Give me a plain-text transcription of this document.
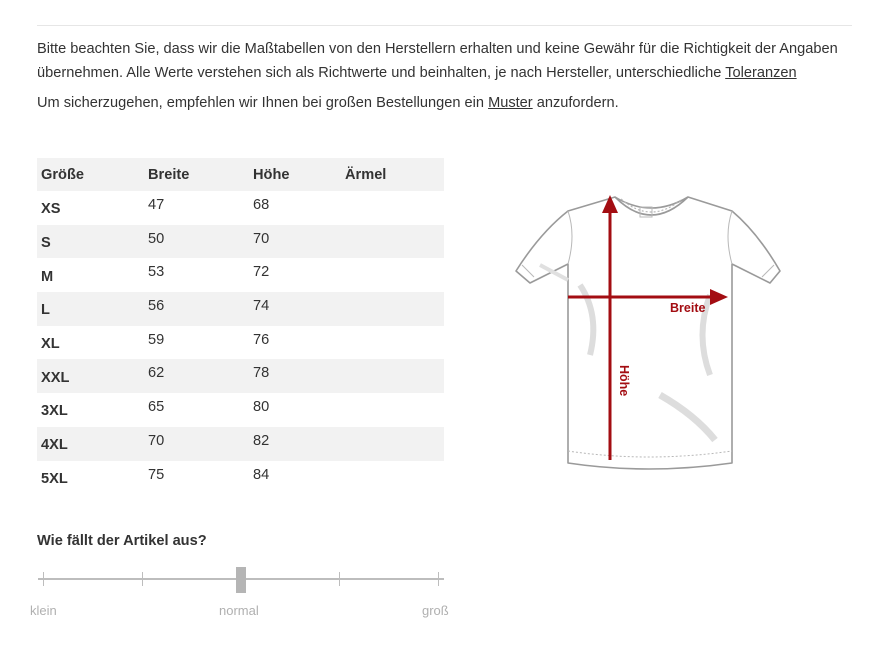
Bitte beachten Sie, dass wir die Maßtabellen von den Herstellern erhalten und keine Gewähr für die Richtigkeit der Angaben übernehmen. Alle Werte verstehen sich als Richtwerte und beinhalten, je nach Hersteller, unterschiedliche Toleranzen

Um sicherzugehen, empfehlen wir Ihnen bei großen Bestellungen ein Muster anzufordern.

Größe	Breite	Höhe	Ärmel
XS	47	68	
S	50	70	
M	53	72	
L	56	74	
XL	59	76	
XXL	62	78	
3XL	65	80	
4XL	70	82	
5XL	75	84	
Breite
Höhe
Wie fällt der Artikel aus?
klein	normal	groß
